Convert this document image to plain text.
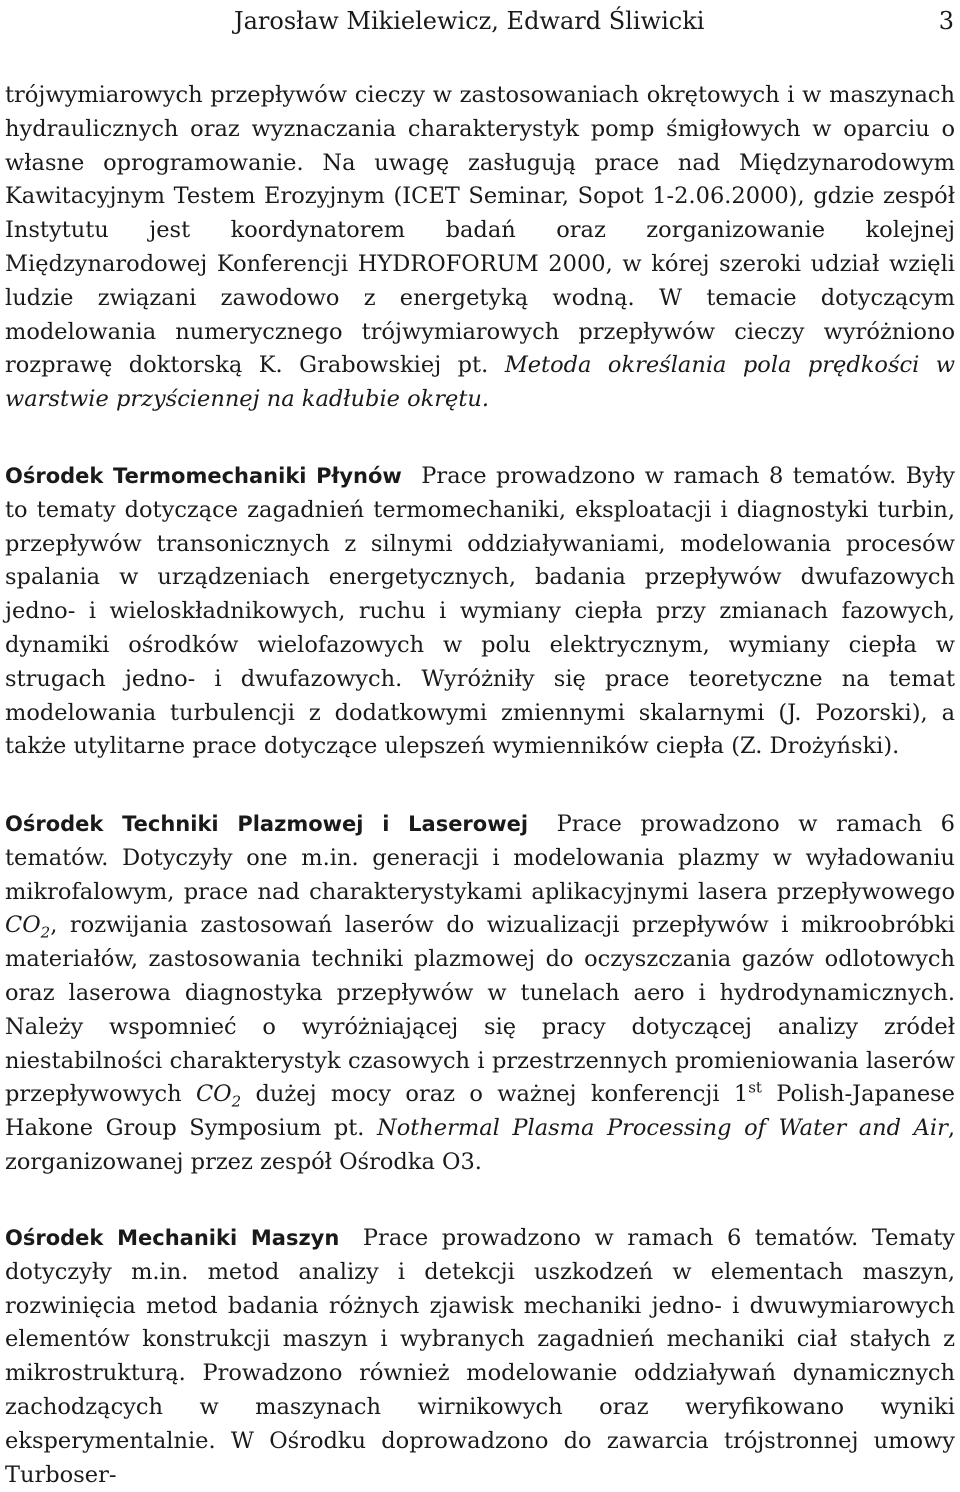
Jarosław Mikielewicz, Edward Śliwicki	3

trójwymiarowych przepływów cieczy w zastosowaniach okrętowych i w maszynach hydraulicznych oraz wyznaczania charakterystyk pomp śmigłowych w oparciu o własne oprogramowanie. Na uwagę zasługują prace nad Międzynarodowym Kawitacyjnym Testem Erozyjnym (ICET Seminar, Sopot 1-2.06.2000), gdzie zespół Instytutu jest koordynatorem badań oraz zorganizowanie kolejnej Międzynarodowej Konferencji HYDROFORUM 2000, w kórej szeroki udział wzięli ludzie związani zawodowo z energetyką wodną. W temacie dotyczącym modelowania numerycznego trójwymiarowych przepływów cieczy wyróżniono rozprawę doktorską K. Grabowskiej pt. Metoda określania pola prędkości w warstwie przyściennej na kadłubie okrętu.

Ośrodek Termomechaniki Płynów Prace prowadzono w ramach 8 tematów. Były to tematy dotyczące zagadnień termomechaniki, eksploatacji i diagnostyki turbin, przepływów transonicznych z silnymi oddziaływaniami, modelowania procesów spalania w urządzeniach energetycznych, badania przepływów dwufazowych jedno- i wieloskładnikowych, ruchu i wymiany ciepła przy zmianach fazowych, dynamiki ośrodków wielofazowych w polu elektrycznym, wymiany ciepła w strugach jedno- i dwufazowych. Wyróżniły się prace teoretyczne na temat modelowania turbulencji z dodatkowymi zmiennymi skalarnymi (J. Pozorski), a także utylitarne prace dotyczące ulepszeń wymienników ciepła (Z. Drożyński).

Ośrodek Techniki Plazmowej i Laserowej Prace prowadzono w ramach 6 tematów. Dotyczyły one m.in. generacji i modelowania plazmy w wyładowaniu mikrofalowym, prace nad charakterystykami aplikacyjnymi lasera przepływowego $CO_2$, rozwijania zastosowań laserów do wizualizacji przepływów i mikroobróbki materiałów, zastosowania techniki plazmowej do oczyszczania gazów odlotowych oraz laserowa diagnostyka przepływów w tunelach aero i hydrodynamicznych. Należy wspomnieć o wyróżniającej się pracy dotyczącej analizy zródeł niestabilności charakterystyk czasowych i przestrzennych promieniowania laserów przepływowych $CO_2$ dużej mocy oraz o ważnej konferencji 1st Polish-Japanese Hakone Group Symposium pt. Nothermal Plasma Processing of Water and Air, zorganizowanej przez zespół Ośrodka O3.

Ośrodek Mechaniki Maszyn Prace prowadzono w ramach 6 tematów. Tematy dotyczyły m.in. metod analizy i detekcji uszkodzeń w elementach maszyn, rozwinięcia metod badania różnych zjawisk mechaniki jedno- i dwuwymiarowych elementów konstrukcji maszyn i wybranych zagadnień mechaniki ciał stałych z mikrostrukturą. Prowadzono również modelowanie oddziaływań dynamicznych zachodzących w maszynach wirnikowych oraz weryfikowano wyniki eksperymentalnie. W Ośrodku doprowadzono do zawarcia trójstronnej umowy Turboser-
